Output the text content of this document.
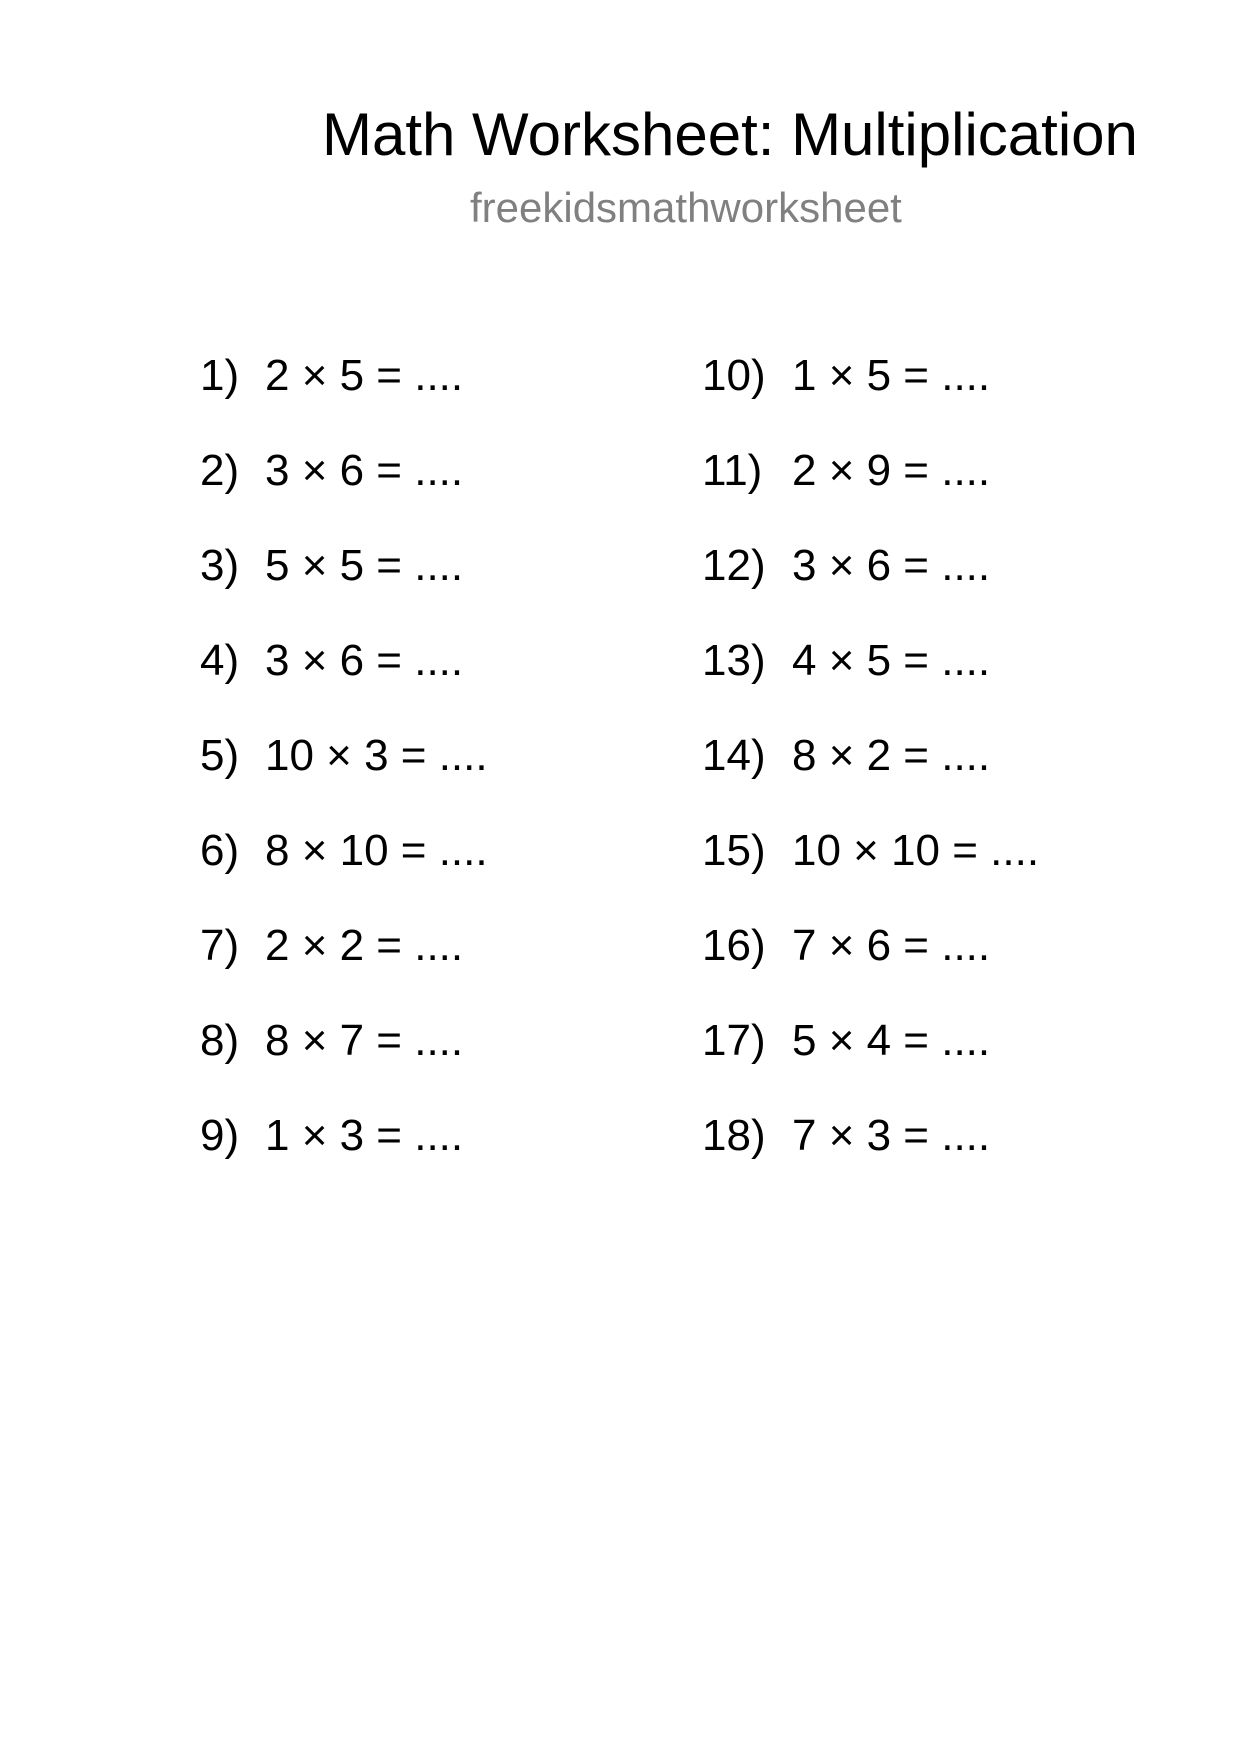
Math Worksheet: Multiplication
freekidsmathworksheet
1) 2 × 5 = ....
2) 3 × 6 = ....
3) 5 × 5 = ....
4) 3 × 6 = ....
5) 10 × 3 = ....
6) 8 × 10 = ....
7) 2 × 2 = ....
8) 8 × 7 = ....
9) 1 × 3 = ....
10) 1 × 5 = ....
11) 2 × 9 = ....
12) 3 × 6 = ....
13) 4 × 5 = ....
14) 8 × 2 = ....
15) 10 × 10 = ....
16) 7 × 6 = ....
17) 5 × 4 = ....
18) 7 × 3 = ....
